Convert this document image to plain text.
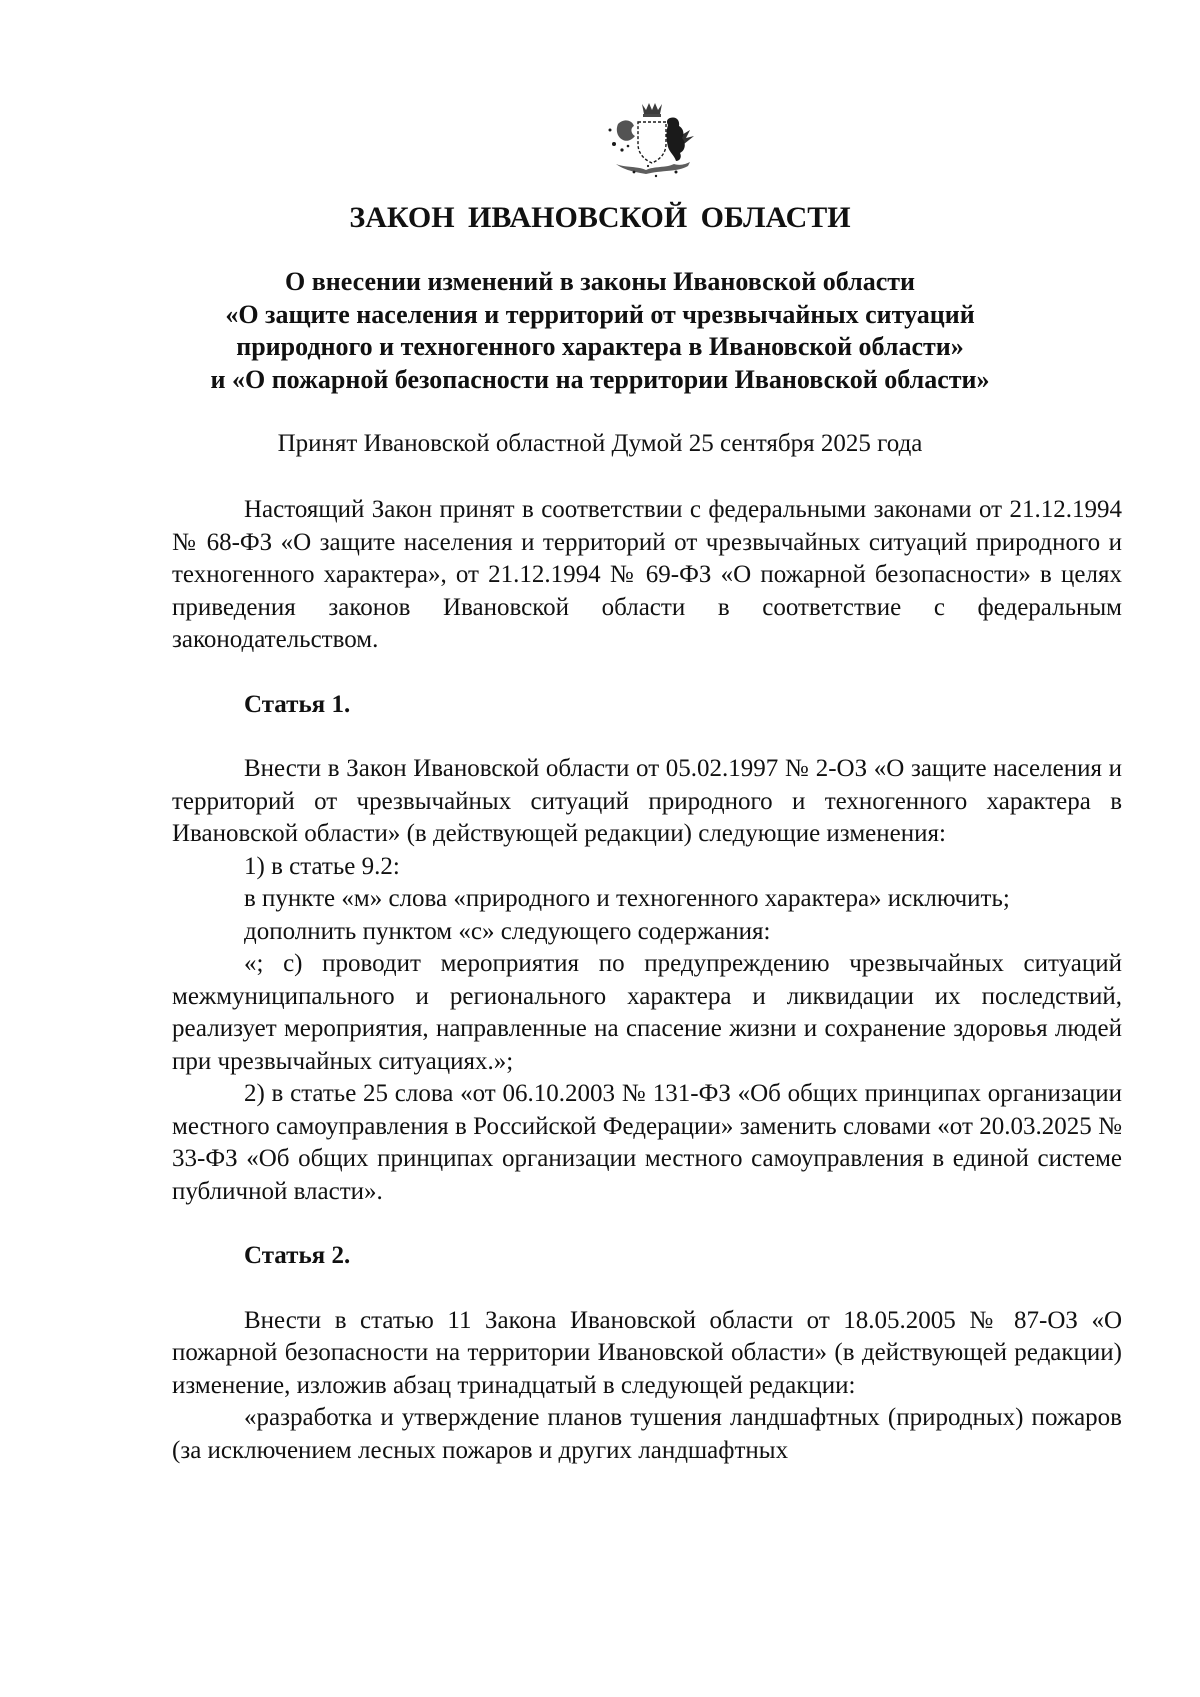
ЗАКОН ИВАНОВСКОЙ ОБЛАСТИ
О внесении изменений в законы Ивановской области
«О защите населения и территорий от чрезвычайных ситуаций
природного и техногенного характера в Ивановской области»
и «О пожарной безопасности на территории Ивановской области»

Принят Ивановской областной Думой 25 сентября 2025 года

Настоящий Закон принят в соответствии с федеральными законами от 21.12.1994 № 68-ФЗ «О защите населения и территорий от чрезвычайных ситуаций природного и техногенного характера», от 21.12.1994 № 69-ФЗ «О пожарной безопасности» в целях приведения законов Ивановской области в соответствие с федеральным законодательством.

Статья 1.

Внести в Закон Ивановской области от 05.02.1997 № 2-ОЗ «О защите населения и территорий от чрезвычайных ситуаций природного и техногенного характера в Ивановской области» (в действующей редакции) следующие изменения:

1) в статье 9.2:

в пункте «м» слова «природного и техногенного характера» исключить;

дополнить пунктом «с» следующего содержания:

«; с) проводит мероприятия по предупреждению чрезвычайных ситуаций межмуниципального и регионального характера и ликвидации их последствий, реализует мероприятия, направленные на спасение жизни и сохранение здоровья людей при чрезвычайных ситуациях.»;

2) в статье 25 слова «от 06.10.2003 № 131-ФЗ «Об общих принципах организации местного самоуправления в Российской Федерации» заменить словами «от 20.03.2025 № 33-ФЗ «Об общих принципах организации местного самоуправления в единой системе публичной власти».

Статья 2.

Внести в статью 11 Закона Ивановской области от 18.05.2005 № 87-ОЗ «О пожарной безопасности на территории Ивановской области» (в действующей редакции) изменение, изложив абзац тринадцатый в следующей редакции:

«разработка и утверждение планов тушения ландшафтных (природных) пожаров (за исключением лесных пожаров и других ландшафтных
